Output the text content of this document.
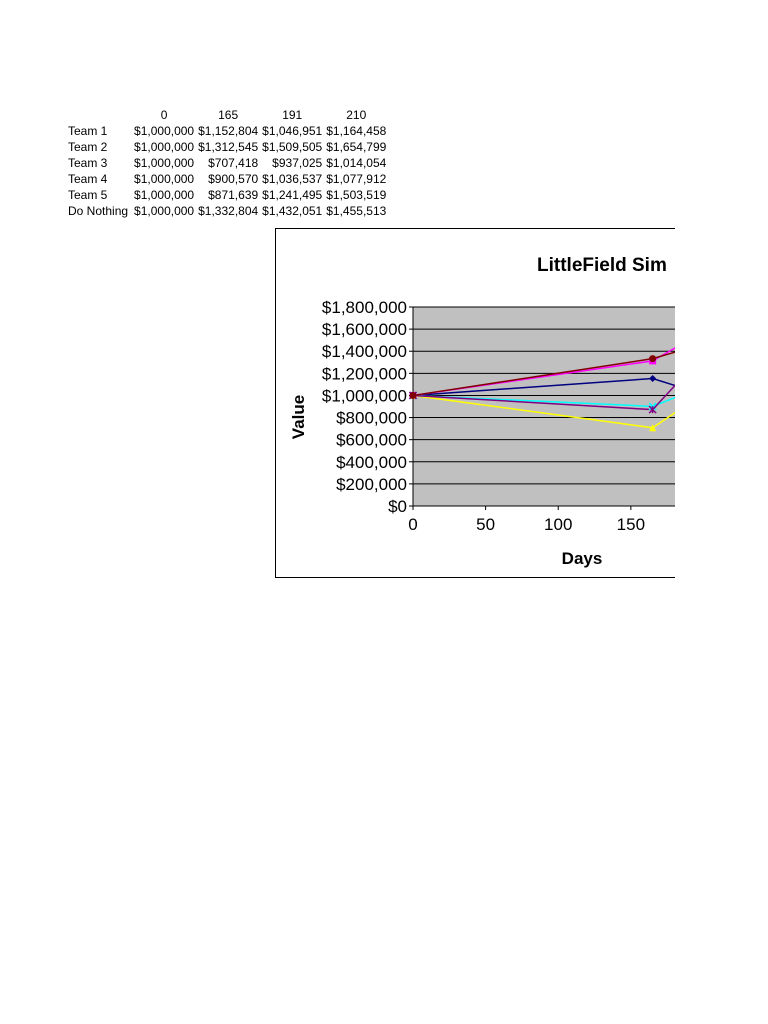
	0	165	191	210
Team 1	$1,000,000	$1,152,804	$1,046,951	$1,164,458
Team 2	$1,000,000	$1,312,545	$1,509,505	$1,654,799
Team 3	$1,000,000	$707,418	$937,025	$1,014,054
Team 4	$1,000,000	$900,570	$1,036,537	$1,077,912
Team 5	$1,000,000	$871,639	$1,241,495	$1,503,519
Do Nothing	$1,000,000	$1,332,804	$1,432,051	$1,455,513
LittleField Sim
$0
$200,000
$400,000
$600,000
$800,000
$1,000,000
$1,200,000
$1,400,000
$1,600,000
$1,800,000
0	50	100	150
Value
Days
